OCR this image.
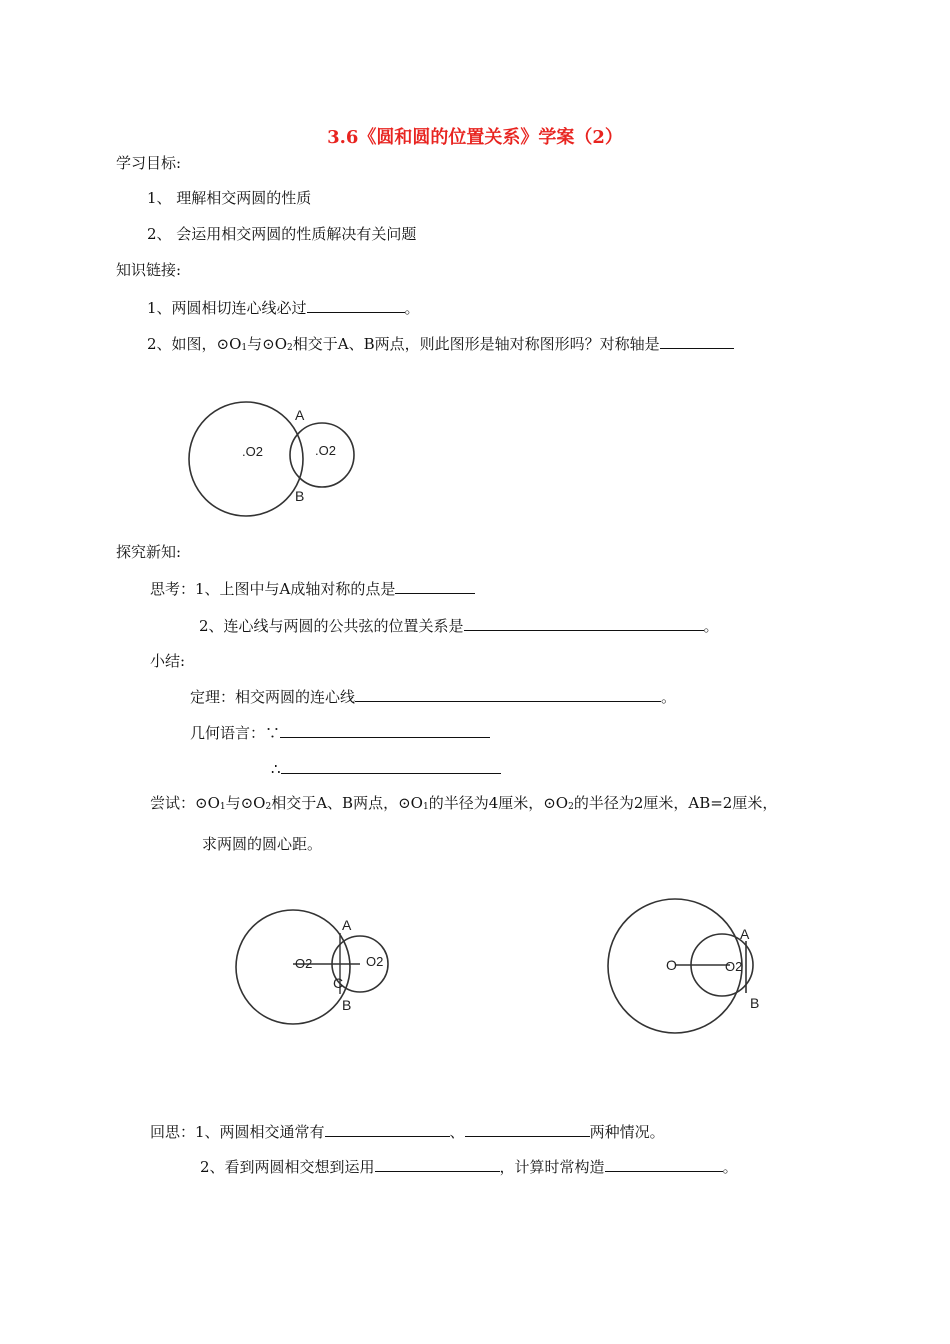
3.6《圆和圆的位置关系》学案（2）
学习目标:
1、 理解相交两圆的性质
2、 会运用相交两圆的性质解决有关问题
知识链接:
1、两圆相切连心线必过	。
2、如图，$⊙O_1$与$⊙O_2$相交于A、B两点，则此图形是轴对称图形吗？对称轴是
A
B
.O2	.O2
探究新知:
思考：1、上图中与A成轴对称的点是
2、连心线与两圆的公共弦的位置关系是	。
小结:
定理：相交两圆的连心线	。
几何语言：∵
∴
尝试：$⊙O_1$与$⊙O_2$相交于A、B两点，$⊙O_1$的半径为4厘米，$⊙O_2$的半径为2厘米，AB=2厘米，
求两圆的圆心距。
A
B
C
O2	O2
A
B
O	O2
回思：1、两圆相交通常有	、	两种情况。
2、看到两圆相交想到运用	，计算时常构造	。
